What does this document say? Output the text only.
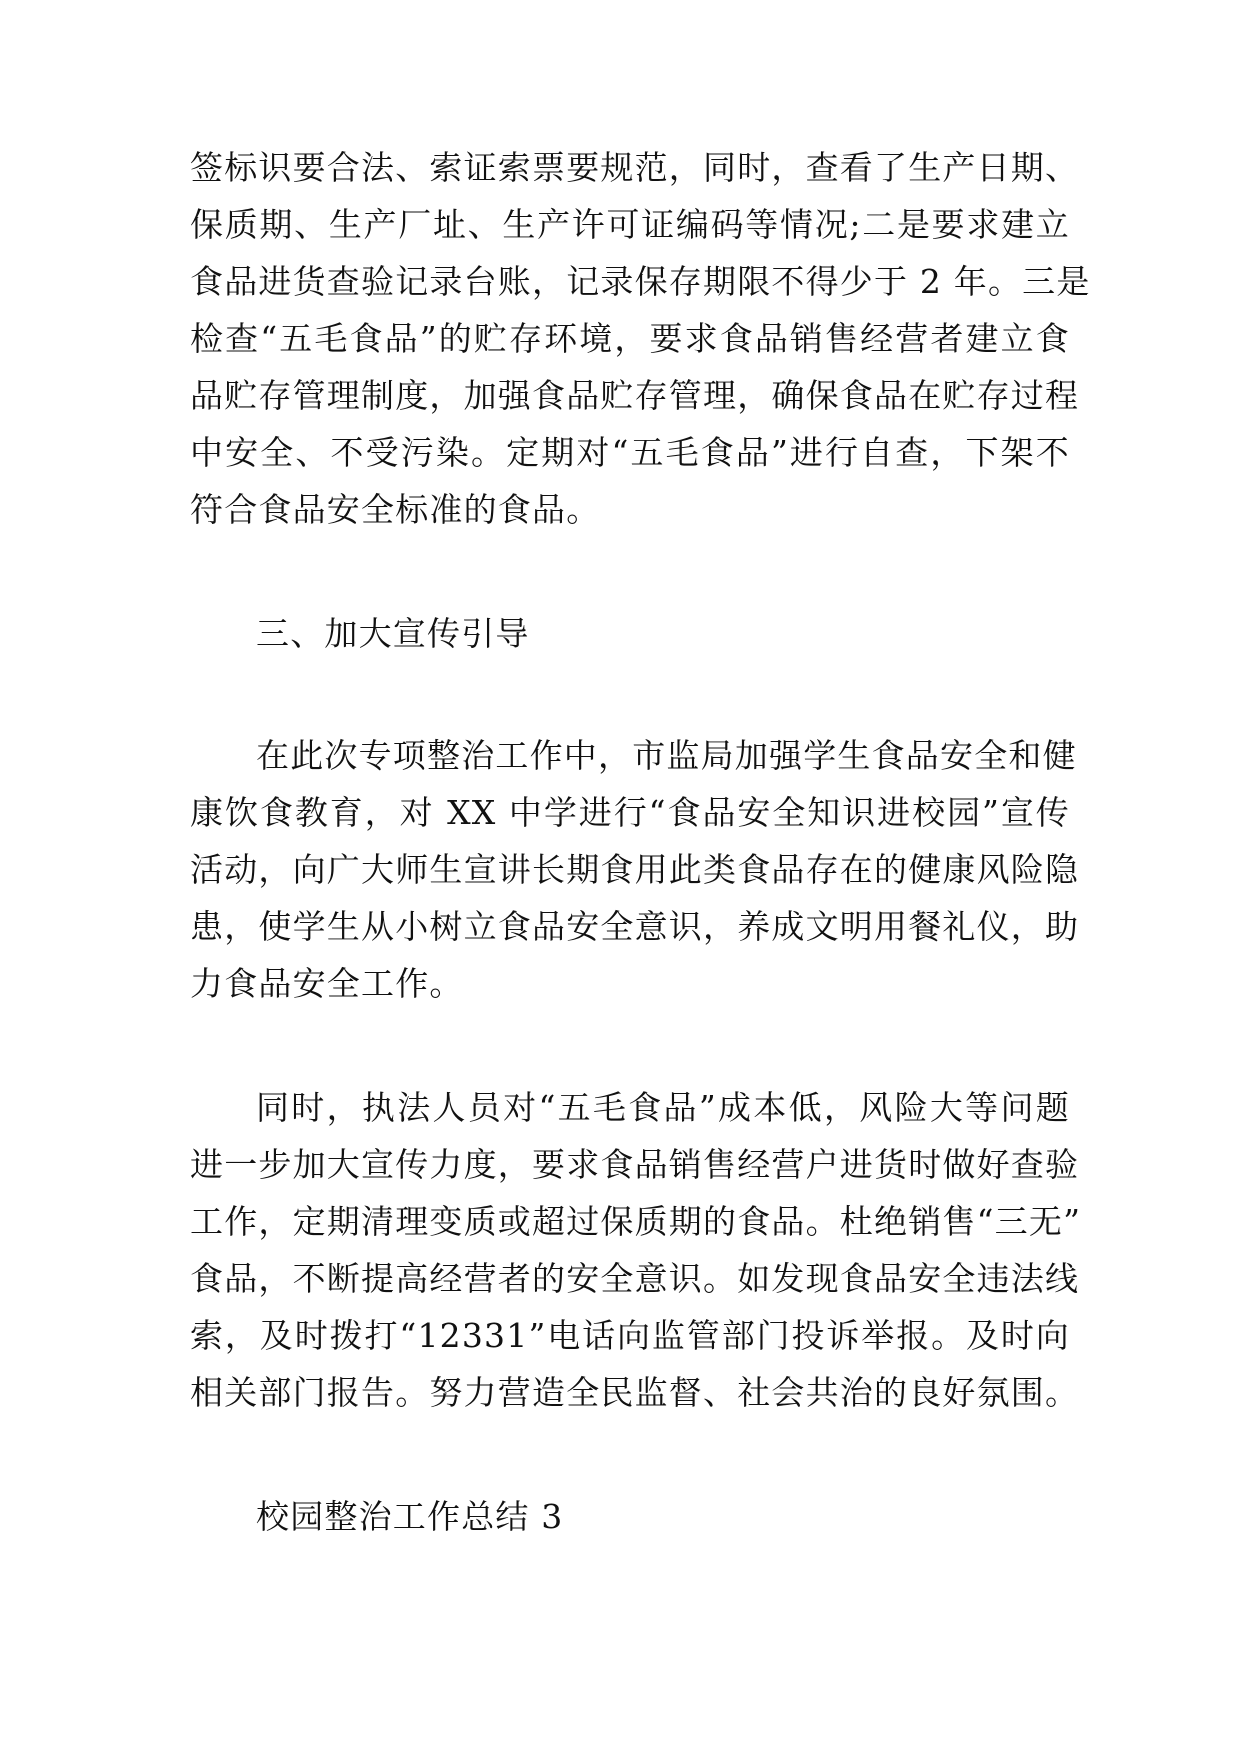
签标识要合法、索证索票要规范，同时，查看了生产日期、
保质期、生产厂址、生产许可证编码等情况;二是要求建立
食品进货查验记录台账，记录保存期限不得少于 2 年。三是
检查“五毛食品”的贮存环境，要求食品销售经营者建立食
品贮存管理制度，加强食品贮存管理，确保食品在贮存过程
中安全、不受污染。定期对“五毛食品”进行自查，下架不
符合食品安全标准的食品。
三、加大宣传引导
在此次专项整治工作中，市监局加强学生食品安全和健
康饮食教育，对 XX 中学进行“食品安全知识进校园”宣传
活动，向广大师生宣讲长期食用此类食品存在的健康风险隐
患，使学生从小树立食品安全意识，养成文明用餐礼仪，助
力食品安全工作。
同时，执法人员对“五毛食品”成本低，风险大等问题
进一步加大宣传力度，要求食品销售经营户进货时做好查验
工作，定期清理变质或超过保质期的食品。杜绝销售“三无”
食品，不断提高经营者的安全意识。如发现食品安全违法线
索，及时拨打“12331”电话向监管部门投诉举报。及时向
相关部门报告。努力营造全民监督、社会共治的良好氛围。
校园整治工作总结 3
